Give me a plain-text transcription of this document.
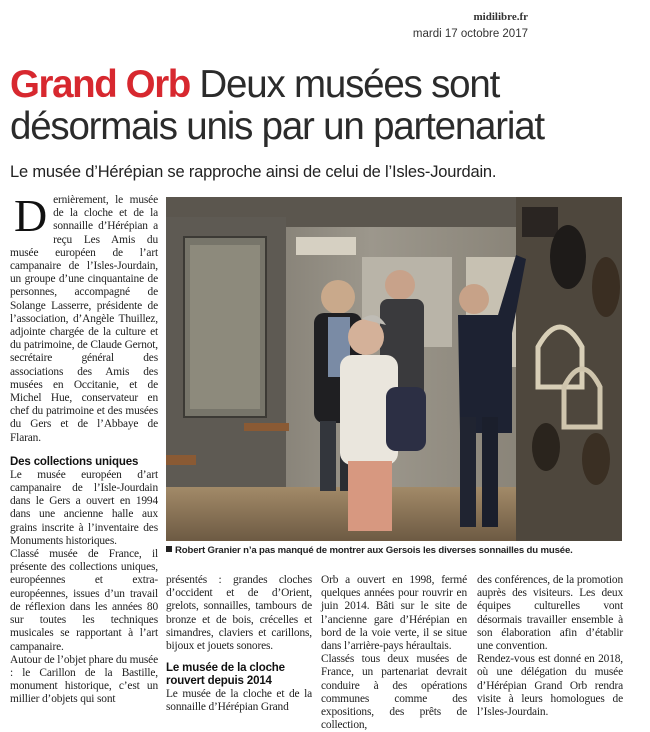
midilibre.fr
mardi 17 octobre 2017
Grand Orb Deux musées sont
désormais unis par un partenariat
Le musée d’Hérépian se rapproche ainsi de celui de l’Isles-Jourdain.

Dernièrement, le musée de la cloche et de la sonnaille d’Hérépian a reçu Les Amis du musée européen de l’art campanaire de l’Isles-Jourdain, un groupe d’une cinquantaine de personnes, accompagné de Solange Lasserre, présidente de l’association, d’Angèle Thuillez, adjointe chargée de la culture et du patrimoine, de Claude Gernot, secrétaire général des associations des Amis des musées en Occitanie, et de Michel Hue, conservateur en chef du patrimoine et des musées du Gers et de l’Abbaye de Flaran.

Des collections uniques

Le musée européen d’art campanaire de l’Isle-Jourdain dans le Gers a ouvert en 1994 dans une ancienne halle aux grains inscrite à l’inventaire des Monuments historiques.

Classé musée de France, il présente des collections uniques, européennes et extra-européennes, issues d’un travail de réflexion dans les années 80 sur toutes les techniques musicales se rapportant à l’art campanaire.

Autour de l’objet phare du musée : le Carillon de la Bastille, monument historique, c’est un millier d’objets qui sont

Robert Granier n’a pas manqué de montrer aux Gersois les diverses sonnailles du musée.

présentés : grandes cloches d’occident et de d’Orient, grelots, sonnailles, tambours de bronze et de bois, crécelles et simandres, claviers et carillons, bijoux et jouets sonores.

Le musée de la cloche rouvert depuis 2014

Le musée de la cloche et de la sonnaille d’Hérépian Grand

Orb a ouvert en 1998, fermé quelques années pour rouvrir en juin 2014. Bâti sur le site de l’ancienne gare d’Hérépian en bord de la voie verte, il se situe dans l’arrière-pays héraultais.

Classés tous deux musées de France, un partenariat devrait conduire à des opérations communes comme des expositions, des prêts de collection,

des conférences, de la promotion auprès des visiteurs. Les deux équipes culturelles vont désormais travailler ensemble à son élaboration afin d’établir une convention.

Rendez-vous est donné en 2018, où une délégation du musée d’Hérépian Grand Orb rendra visite à leurs homologues de l’Isles-Jourdain.
